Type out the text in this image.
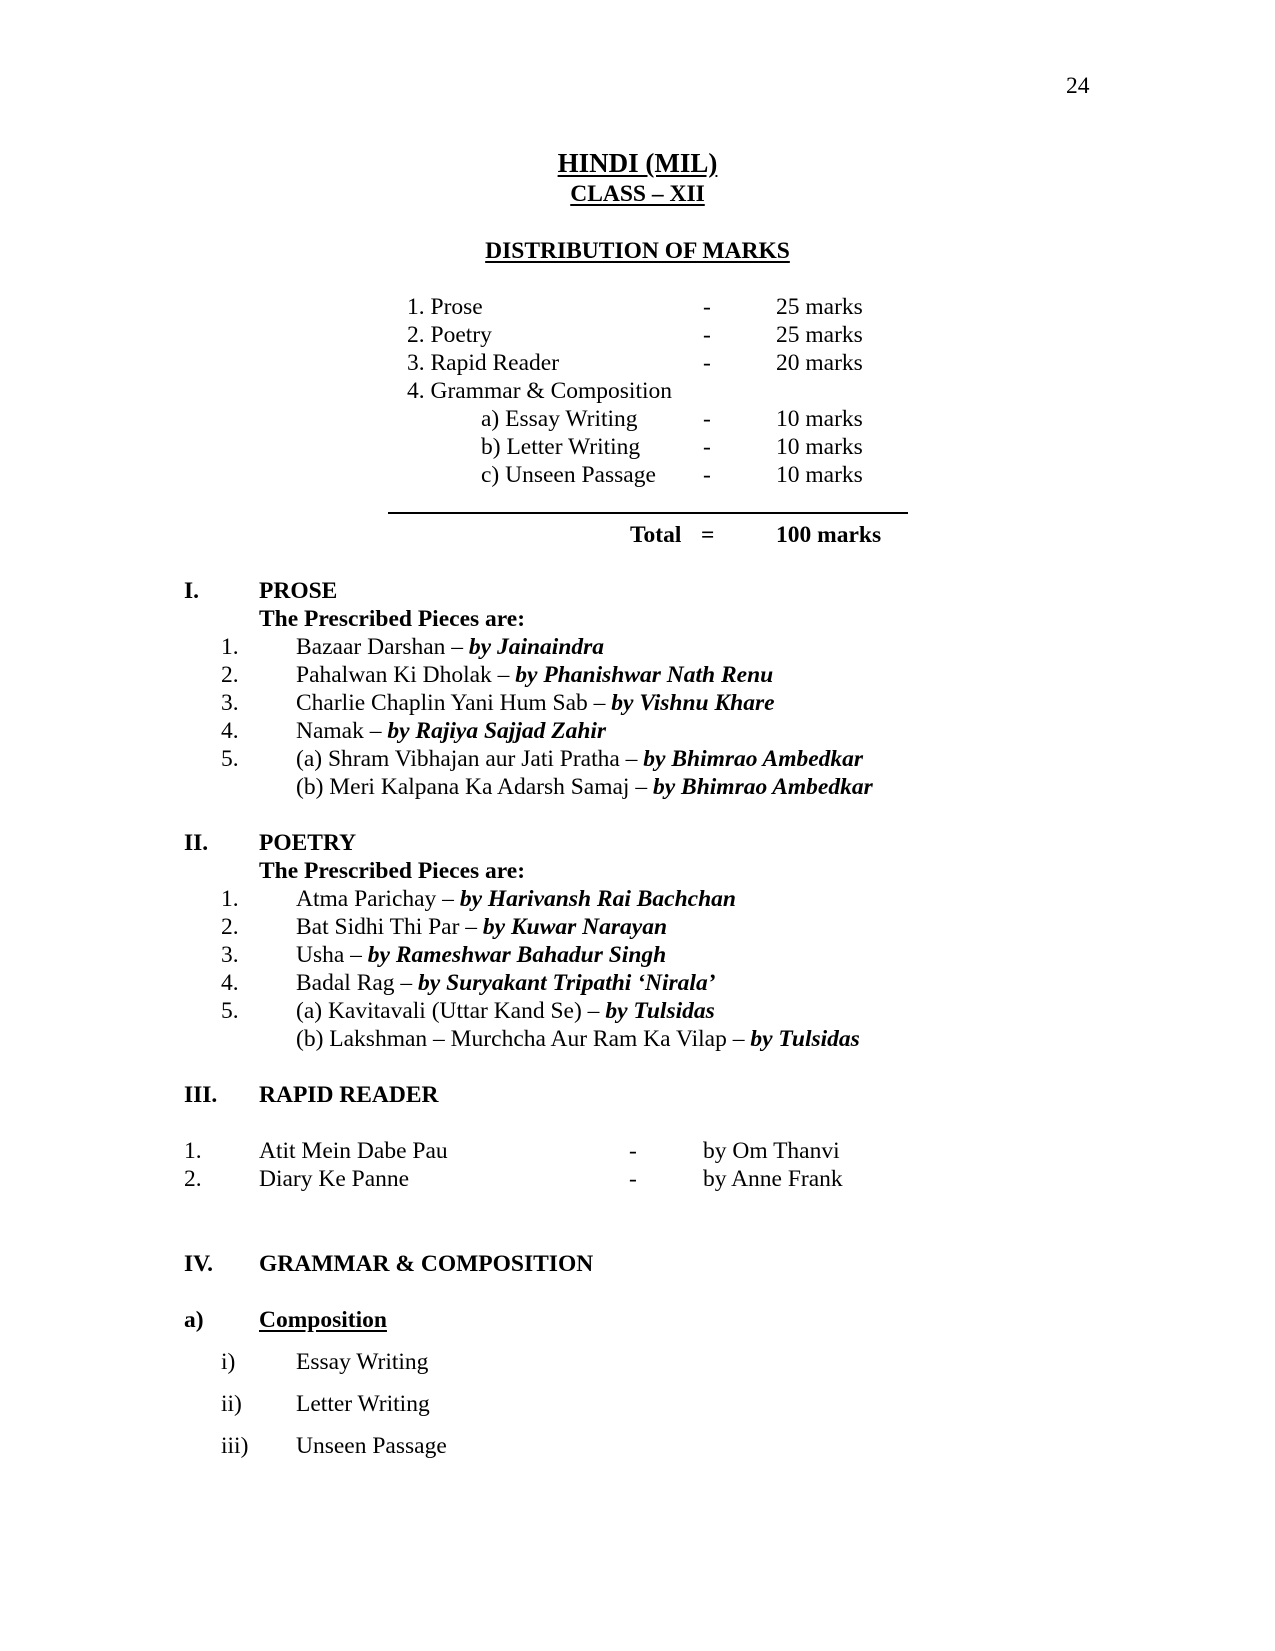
24
HINDI (MIL)
CLASS – XII
DISTRIBUTION OF MARKS
1. Prose	-	25 marks
2. Poetry	-	25 marks
3. Rapid Reader	-	20 marks
4. Grammar & Composition
a) Essay Writing	-	10 marks
b) Letter Writing	-	10 marks
c) Unseen Passage -	10 marks
Total =	100 marks
I.	PROSE
The Prescribed Pieces are:
1. Bazaar Darshan – by Jainaindra
2. Pahalwan Ki Dholak – by Phanishwar Nath Renu
3. Charlie Chaplin Yani Hum Sab – by Vishnu Khare
4. Namak – by Rajiya Sajjad Zahir
5. (a) Shram Vibhajan aur Jati Pratha – by Bhimrao Ambedkar
(b) Meri Kalpana Ka Adarsh Samaj – by Bhimrao Ambedkar
II. POETRY
The Prescribed Pieces are:
1. Atma Parichay – by Harivansh Rai Bachchan
2. Bat Sidhi Thi Par – by Kuwar Narayan
3. Usha – by Rameshwar Bahadur Singh
4. Badal Rag – by Suryakant Tripathi ‘Nirala’
5. (a) Kavitavali (Uttar Kand Se) – by Tulsidas
(b) Lakshman – Murchcha Aur Ram Ka Vilap – by Tulsidas
III. RAPID READER
1. Atit Mein Dabe Pau	-	by Om Thanvi
2. Diary Ke Panne	-	by Anne Frank
IV. GRAMMAR & COMPOSITION
a) Composition
i)	Essay Writing
ii) Letter Writing
iii) Unseen Passage
